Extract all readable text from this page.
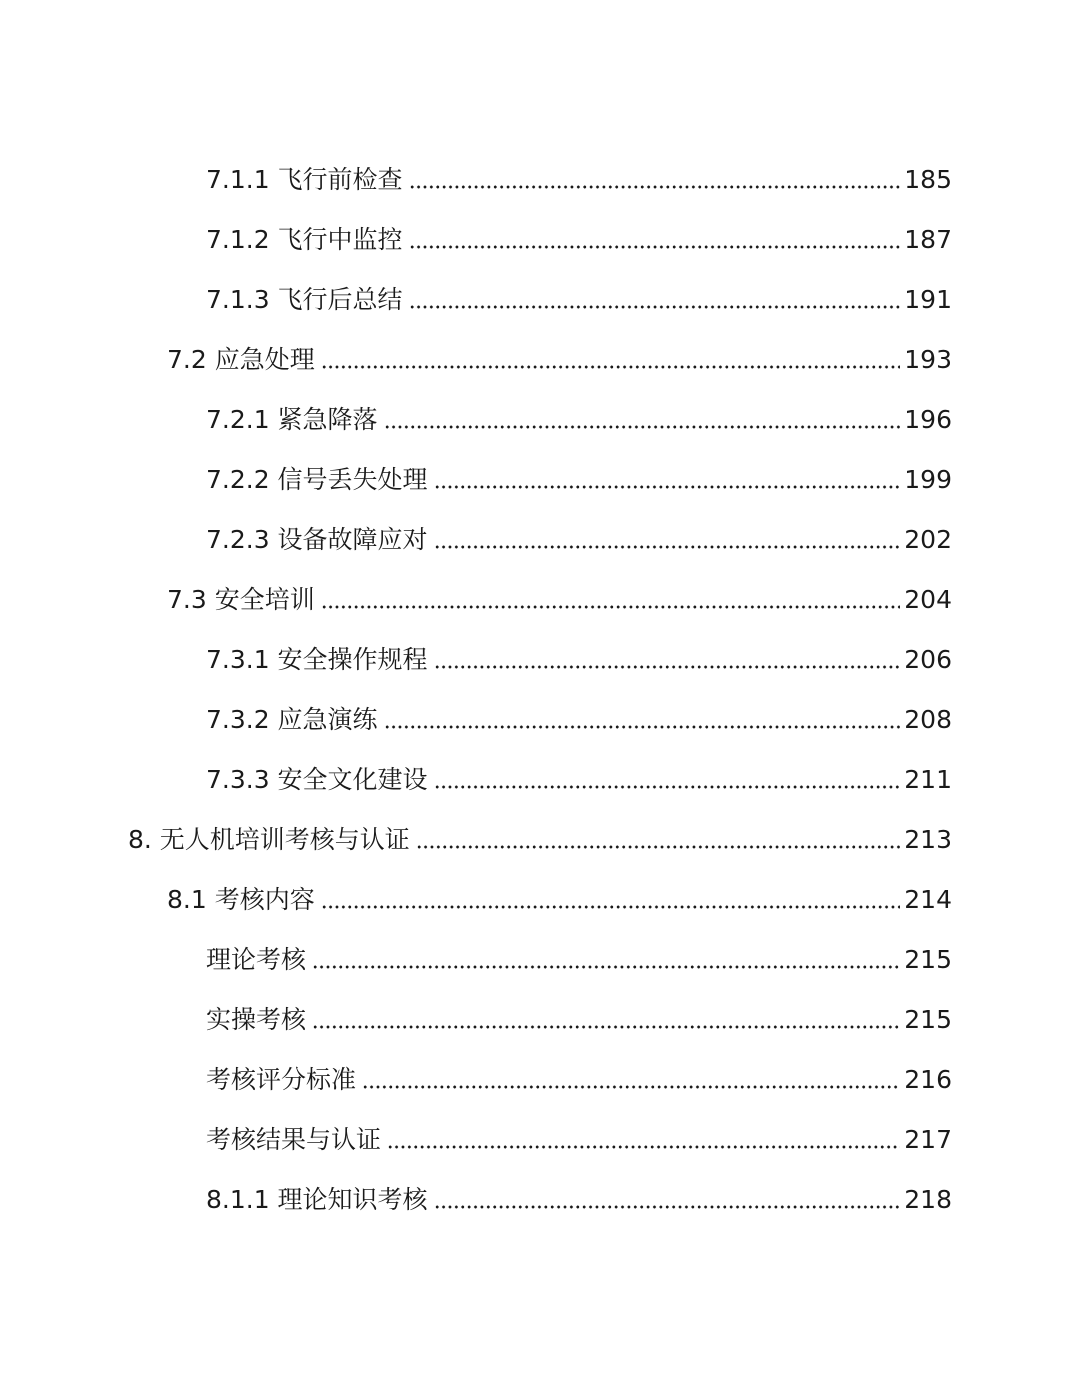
7.1.1 飞行前检查	185
7.1.2 飞行中监控	187
7.1.3 飞行后总结	191
7.2 应急处理	193
7.2.1 紧急降落	196
7.2.2 信号丢失处理	199
7.2.3 设备故障应对	202
7.3 安全培训	204
7.3.1 安全操作规程	206
7.3.2 应急演练	208
7.3.3 安全文化建设	211
8. 无人机培训考核与认证	213
8.1 考核内容	214
理论考核	215
实操考核	215
考核评分标准	216
考核结果与认证	217
8.1.1 理论知识考核	218
